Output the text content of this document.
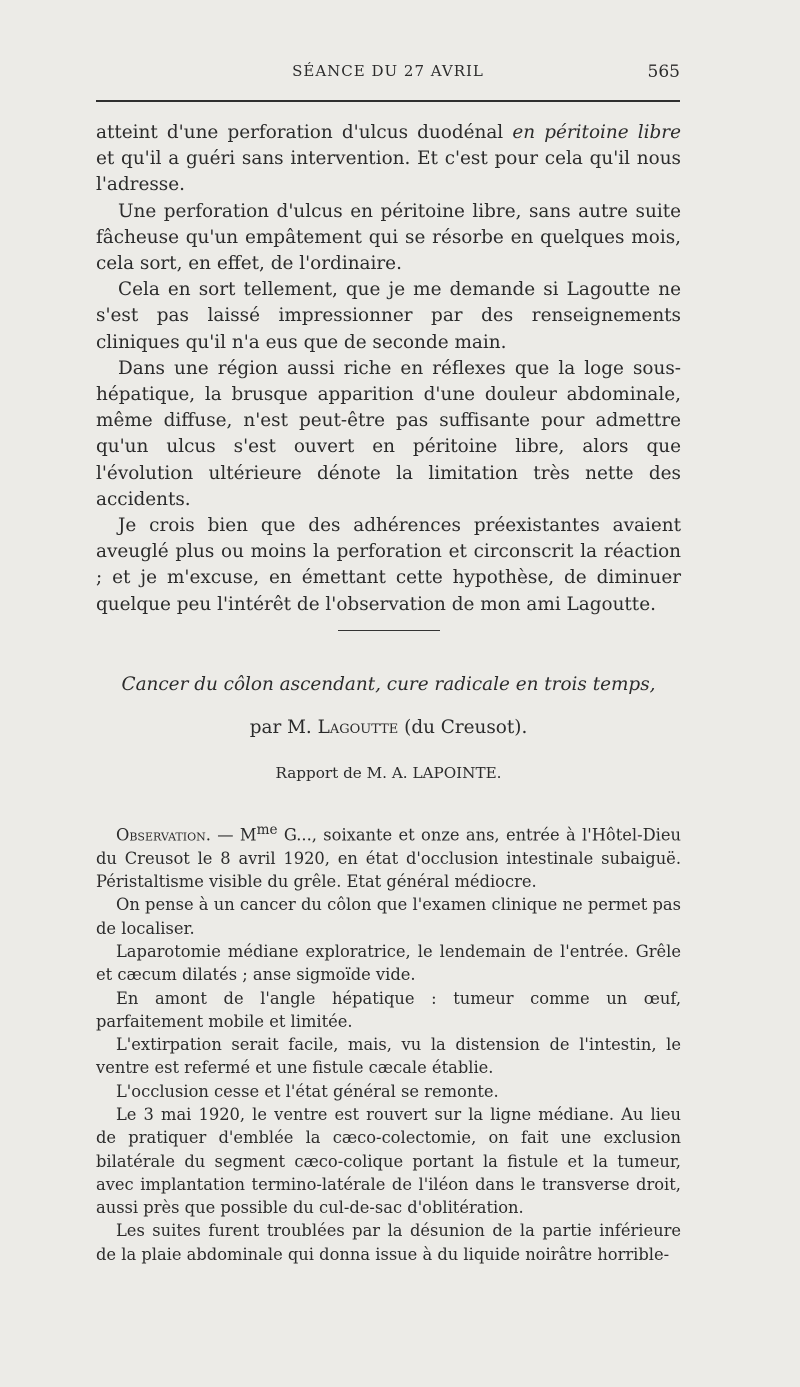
SÉANCE DU 27 AVRIL	565

atteint d'une perforation d'ulcus duodénal en péritoine libre et qu'il a guéri sans intervention. Et c'est pour cela qu'il nous l'adresse.

Une perforation d'ulcus en péritoine libre, sans autre suite fâcheuse qu'un empâtement qui se résorbe en quelques mois, cela sort, en effet, de l'ordinaire.

Cela en sort tellement, que je me demande si Lagoutte ne s'est pas laissé impressionner par des renseignements cliniques qu'il n'a eus que de seconde main.

Dans une région aussi riche en réflexes que la loge sous-hépatique, la brusque apparition d'une douleur abdominale, même diffuse, n'est peut-être pas suffisante pour admettre qu'un ulcus s'est ouvert en péritoine libre, alors que l'évolution ultérieure dénote la limitation très nette des accidents.

Je crois bien que des adhérences préexistantes avaient aveuglé plus ou moins la perforation et circonscrit la réaction ; et je m'excuse, en émettant cette hypothèse, de diminuer quelque peu l'intérêt de l'observation de mon ami Lagoutte.

Cancer du côlon ascendant, cure radicale en trois temps,
par M. Lagoutte (du Creusot).
Rapport de M. A. LAPOINTE.

Observation. — $M^{me}$ G..., soixante et onze ans, entrée à l'Hôtel-Dieu du Creusot le 8 avril 1920, en état d'occlusion intestinale subaiguë. Péristaltisme visible du grêle. Etat général médiocre.

On pense à un cancer du côlon que l'examen clinique ne permet pas de localiser.

Laparotomie médiane exploratrice, le lendemain de l'entrée. Grêle et cæcum dilatés ; anse sigmoïde vide.

En amont de l'angle hépatique : tumeur comme un œuf, parfaitement mobile et limitée.

L'extirpation serait facile, mais, vu la distension de l'intestin, le ventre est refermé et une fistule cæcale établie.

L'occlusion cesse et l'état général se remonte.

Le 3 mai 1920, le ventre est rouvert sur la ligne médiane. Au lieu de pratiquer d'emblée la cæco-colectomie, on fait une exclusion bilatérale du segment cæco-colique portant la fistule et la tumeur, avec implantation termino-latérale de l'iléon dans le transverse droit, aussi près que possible du cul-de-sac d'oblitération.

Les suites furent troublées par la désunion de la partie inférieure de la plaie abdominale qui donna issue à du liquide noirâtre horrible-
